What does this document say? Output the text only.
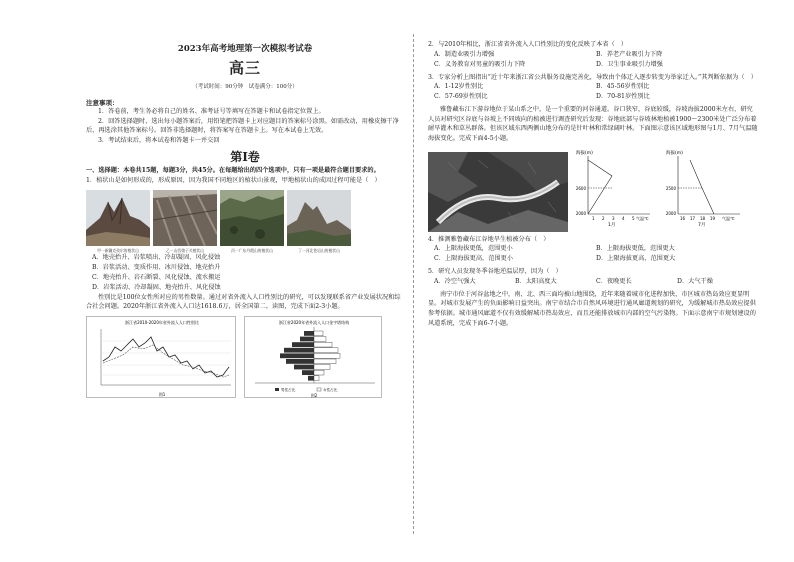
2023年高考地理第一次模拟考试卷
高三
（考试时间：90分钟　试卷满分：100分）
注意事项：
1．答卷前，考生务必将自己的姓名、准考证号等填写在答题卡和试卷指定位置上。
2．回答选择题时，选出每小题答案后，用铅笔把答题卡上对应题目的答案标号涂黑。如需改动，用橡皮擦干净后，再选涂其他答案标号。回答非选择题时，将答案写在答题卡上。写在本试卷上无效。
3．考试结束后，将本试卷和答题卡一并交回
第Ⅰ卷
一、选择题：本卷共15题，每题3分，共45分。在每题给出的四个选项中，只有一项是最符合题目要求的。
1．植状山是如何形成的，形成原因，因为我国不同地区的植状山景观，甲地植状山的成因过程可能是（　）
甲一新疆克孜尔的植状山	乙一山西娘子关植状山	丙一广东丹霞山的植状山	丁一河北苍岩山的植状山
A．地壳抬升、岩浆喷出、冷却凝固、风化侵蚀
B．岩浆活动、变质作用、冰川侵蚀、地壳抬升
C．地壳抬升、岩石断裂、风化侵蚀、流水搬运
D．岩浆活动、冷却凝固、地壳抬升、风化侵蚀
性别比是100位女性所对应的男性数量。通过对省外流入人口性别比的研究，可以发现联系省产业发展状况和综合社会问题。2020年浙江省外流入人口达1618.6万，居全国第二。读图，完成下面2-3小题。
浙江省2010-2020年省外流入人口性别比
图1
浙江省2020年省外流入人口金字塔结构
男性占比	女性占比
图2
2．与2010年相比，浙江省省外流入人口性别比的变化反映了本省（　）
A．制造业吸引力增强	B．养老产业吸引力下降
C．义务教育对男童的吸引力下降	D．卫生事业吸引力增强
3．专家分析上图指出“近十年来浙江省公共服务设施完善化，导致由个体迁入逐步转变为举家迁入。”其判断依据为（　）
A．1-12岁性别比	B．45-56岁性别比
C．57-69岁性别比	D．70-81岁性别比
雅鲁藏布江下游谷地位于某山系之中，是一个重要的河谷通道。谷口狭窄，谷底较缓，谷坡海拔2000米左右，研究人员对研究区谷底与谷坡上不同坡向的植被进行调查研究后发现：谷地底部与谷坡林地植被1900～2300米处广泛分布着耐旱灌木和草丛群落。但该区域东西两侧山地分布的是针叶林和常绿阔叶林。下面图示意该区域地形图与1月、7月气温随海拔变化。完成下面4-5小题。
海拔(m)
2600
2000
1 2 3 4 5 气温℃
1月
海拔(m)
2500
2000
16 17 18 19 气温℃
7月
4．推测雅鲁藏布江谷地旱生植被分布（　）
A．上限海拔更低，范围更小	B．上限海拔更低，范围更大
C．上限海拔更高，范围更小	D．上限海拔更高，范围更大
5．研究人员发现冬季谷地逆温层厚，因为（　）
A．冷空气强大	B．太阳高度大	C．夜晚更长	D．大气干燥
南宁市位于河谷盆地之中，南、北、西三面均被山地围绕，近年来随着城市化进程加快，市区城市热岛效应更显明显。对城市发展产生的负面影响日益突出。南宁市结合市自然风环境进行通风廊道规划的研究，为缓解城市热岛效应提供参考依据。城市通风廊道不仅有效缓解城市热岛效应，而且还能排放城市内部的空气污染物。下面示意南宁市规划建设的风道系统，完成下面6-7小题。
